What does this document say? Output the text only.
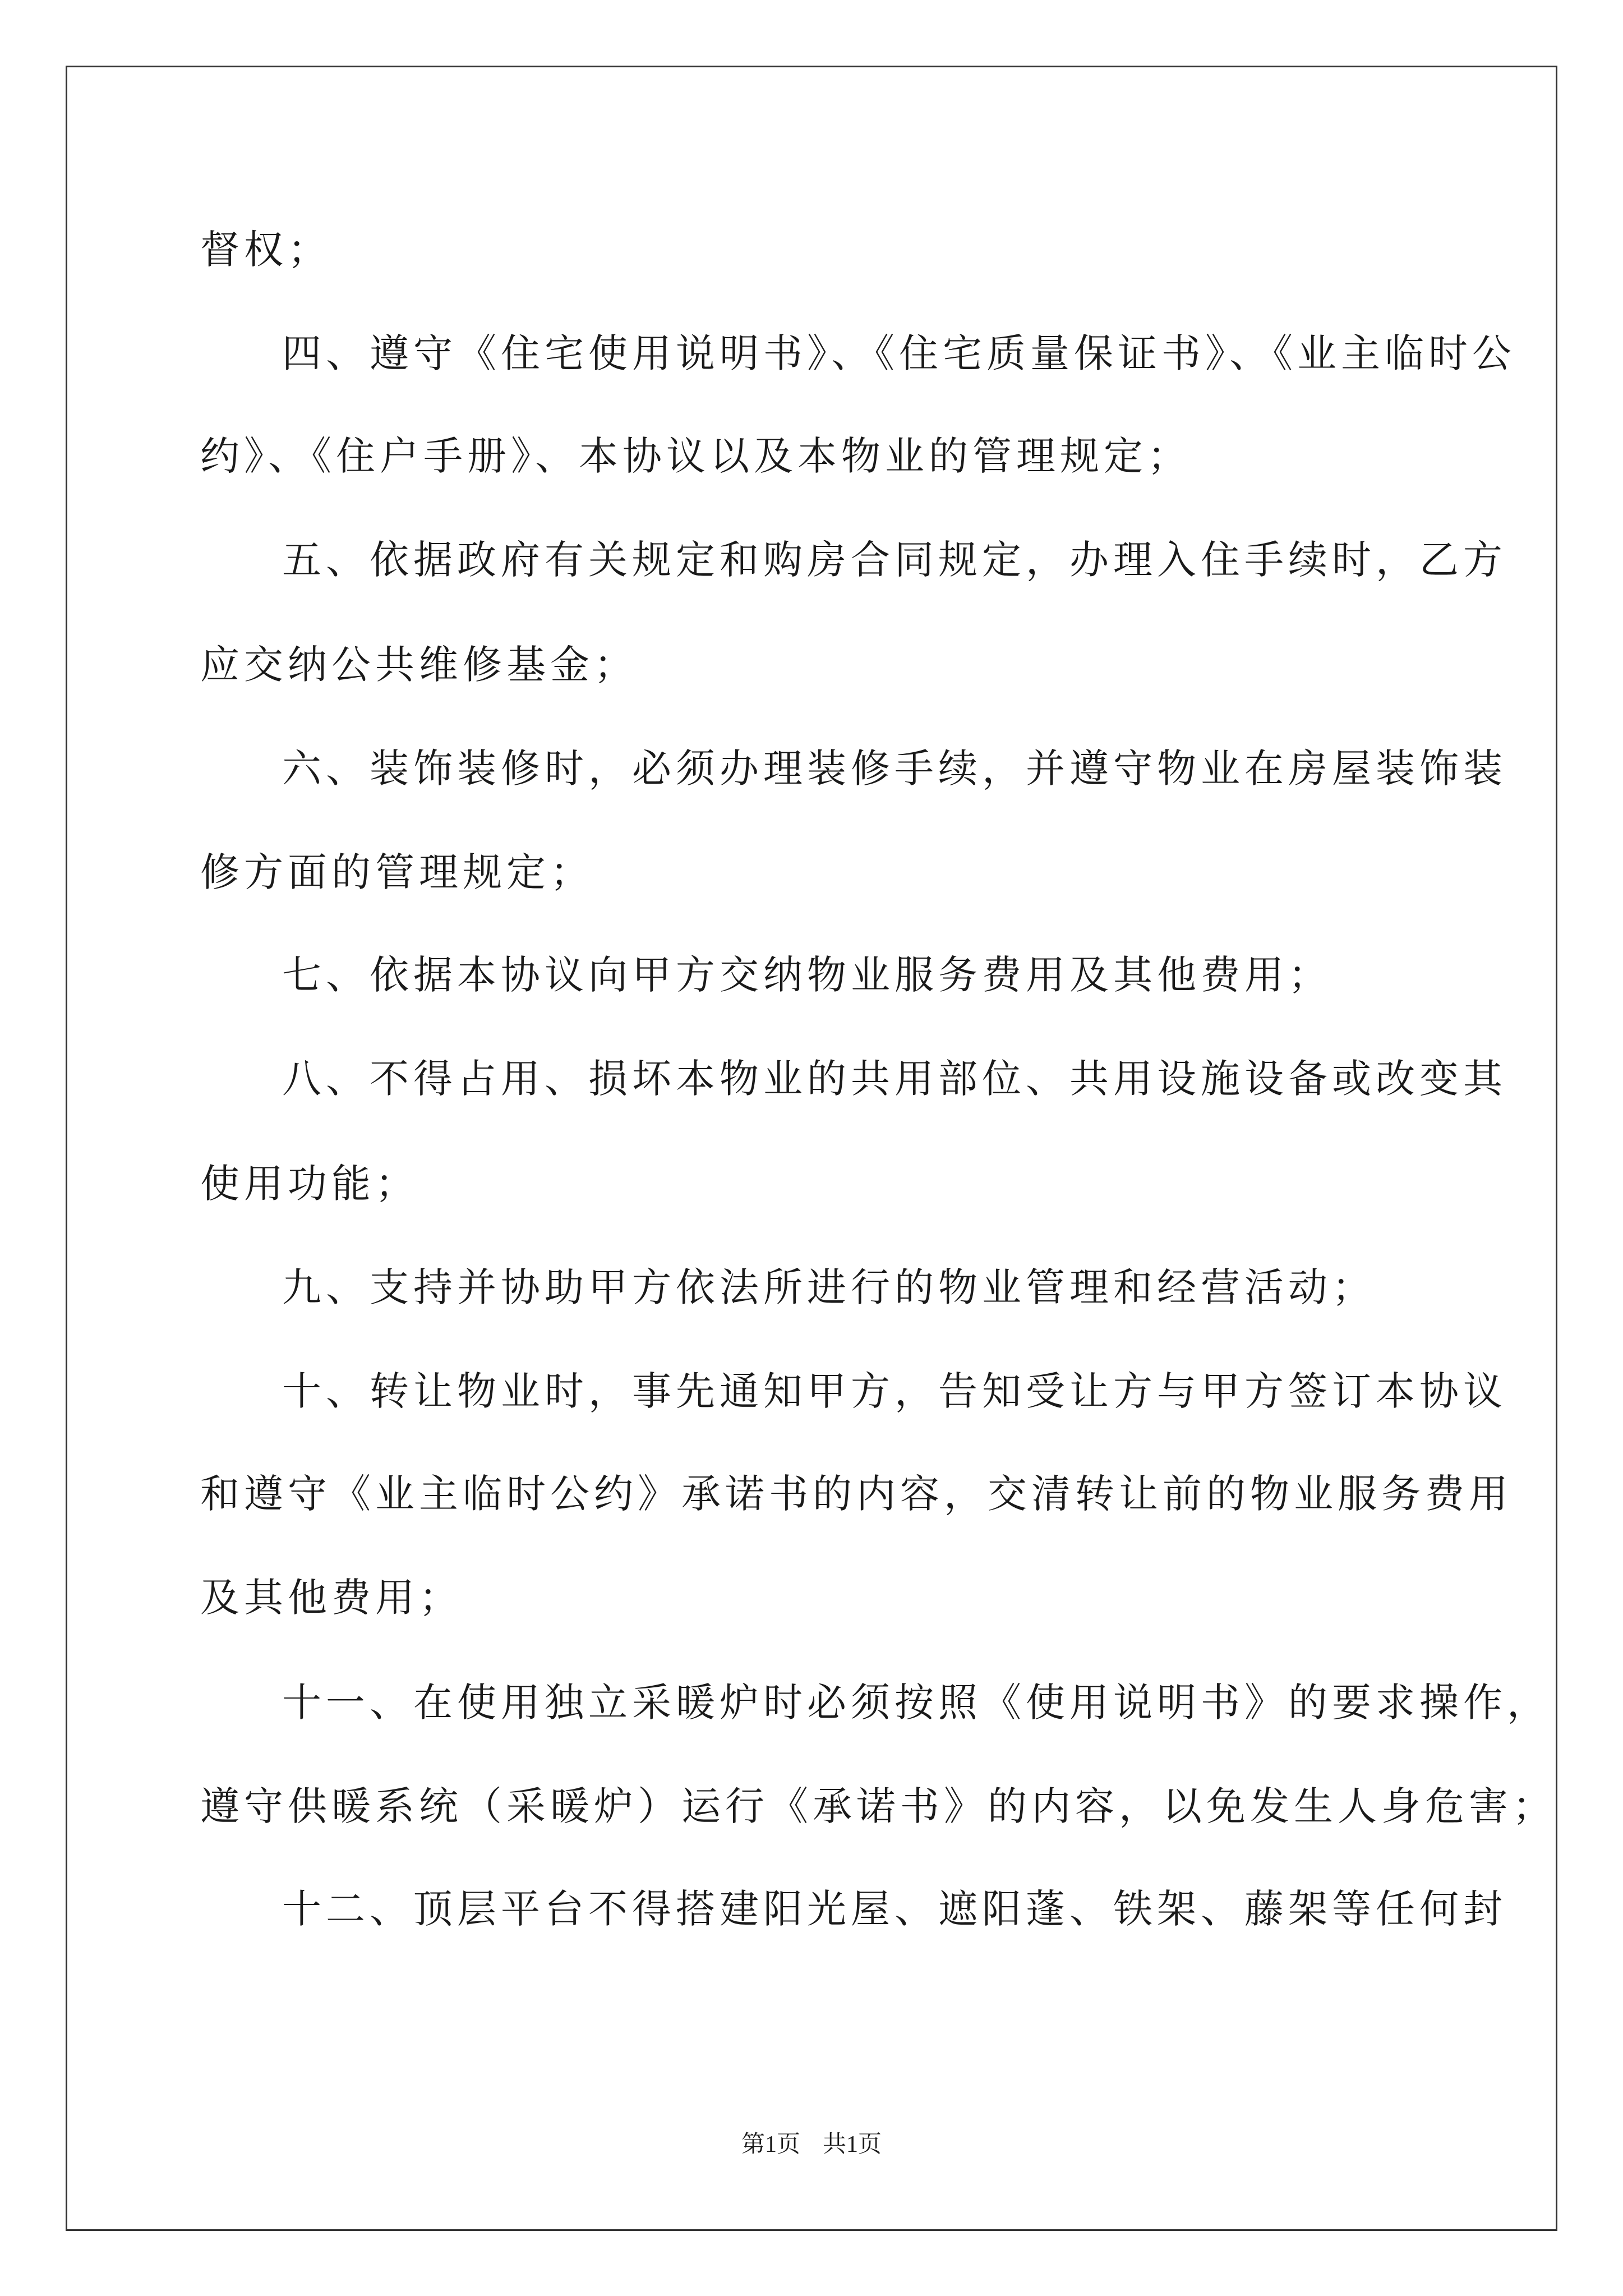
督权；
四、遵守《住宅使用说明书》、《住宅质量保证书》、《业主临时公
约》、《住户手册》、本协议以及本物业的管理规定；
五、依据政府有关规定和购房合同规定，办理入住手续时，乙方
应交纳公共维修基金；
六、装饰装修时，必须办理装修手续，并遵守物业在房屋装饰装
修方面的管理规定；
七、依据本协议向甲方交纳物业服务费用及其他费用；
八、不得占用、损坏本物业的共用部位、共用设施设备或改变其
使用功能；
九、支持并协助甲方依法所进行的物业管理和经营活动；
十、转让物业时，事先通知甲方，告知受让方与甲方签订本协议
和遵守《业主临时公约》承诺书的内容，交清转让前的物业服务费用
及其他费用；
十一、在使用独立采暖炉时必须按照《使用说明书》的要求操作，
遵守供暖系统（采暖炉）运行《承诺书》的内容，以免发生人身危害；
十二、顶层平台不得搭建阳光屋、遮阳蓬、铁架、藤架等任何封
第1页 共1页
